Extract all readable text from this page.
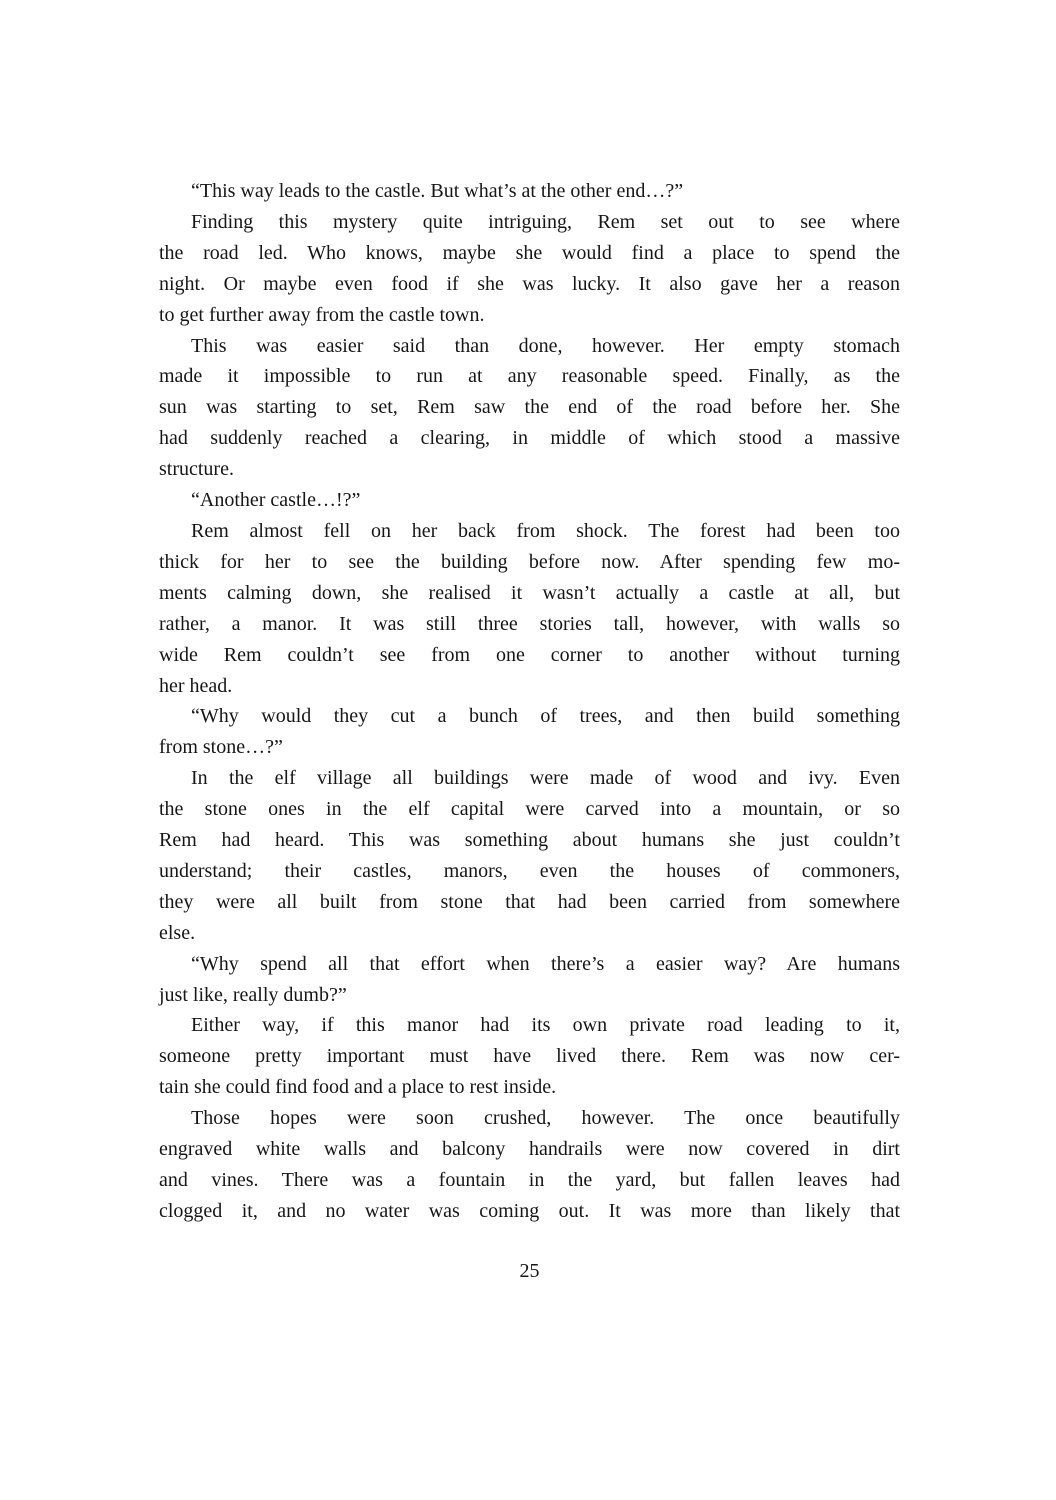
“This way leads to the castle. But what’s at the other end…?”
Finding this mystery quite intriguing, Rem set out to see where
the road led. Who knows, maybe she would find a place to spend the
night. Or maybe even food if she was lucky. It also gave her a reason
to get further away from the castle town.
This was easier said than done, however. Her empty stomach
made it impossible to run at any reasonable speed. Finally, as the
sun was starting to set, Rem saw the end of the road before her. She
had suddenly reached a clearing, in middle of which stood a massive
structure.
“Another castle…!?”
Rem almost fell on her back from shock. The forest had been too
thick for her to see the building before now. After spending few mo-
ments calming down, she realised it wasn’t actually a castle at all, but
rather, a manor. It was still three stories tall, however, with walls so
wide Rem couldn’t see from one corner to another without turning
her head.
“Why would they cut a bunch of trees, and then build something
from stone…?”
In the elf village all buildings were made of wood and ivy. Even
the stone ones in the elf capital were carved into a mountain, or so
Rem had heard. This was something about humans she just couldn’t
understand; their castles, manors, even the houses of commoners,
they were all built from stone that had been carried from somewhere
else.
“Why spend all that effort when there’s a easier way? Are humans
just like, really dumb?”
Either way, if this manor had its own private road leading to it,
someone pretty important must have lived there. Rem was now cer-
tain she could find food and a place to rest inside.
Those hopes were soon crushed, however. The once beautifully
engraved white walls and balcony handrails were now covered in dirt
and vines. There was a fountain in the yard, but fallen leaves had
clogged it, and no water was coming out. It was more than likely that
25
